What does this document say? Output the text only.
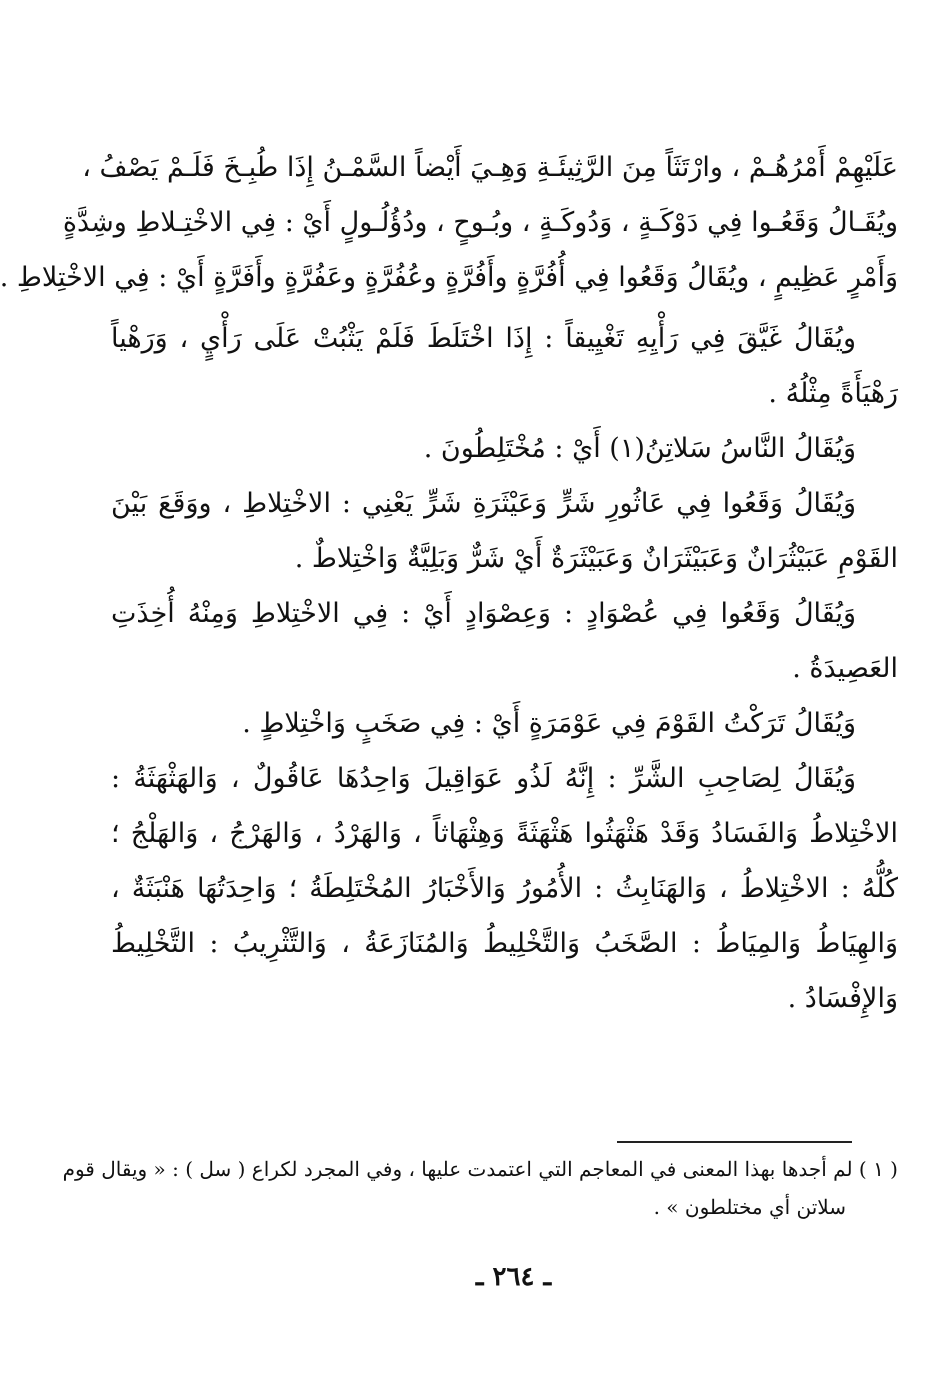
عَلَيْهِمْ أَمْرُهُـمْ ، وارْتَثَاً مِنَ الرَّثِيئَـةِ وَهِـيَ أَيْضاً السَّمْـنُ إِذَا طُبِـخَ فَلَـمْ يَصْفُ ،
ويُقَـالُ وَقَعُـوا فِي دَوْكَـةٍ ، وَدُوكَـةٍ ، وبُـوحٍ ، ودُؤُلُـولٍ أَيْ : فِي الاخْتِـلاطِ وشِدَّةٍ
وَأَمْرٍ عَظِيمٍ ، ويُقَالُ وَقَعُوا فِي أُفُرَّةٍ وأَفُرَّةٍ وعُفُرَّةٍ وعَفُرَّةٍ وأَفَرَّةٍ أَيْ : فِي الاخْتِلاطِ .
ويُقَالُ غَيَّقَ فِي رَأْيِهِ تَغْيِيقاً : إِذَا اخْتَلَطَ فَلَمْ يَثْبُتْ عَلَى رَأْيٍ ، وَرَهْياً
رَهْيَأَةً مِثْلُهُ .
وَيُقَالُ النَّاسُ سَلاتِنُ(١) أَيْ : مُخْتَلِطُونَ .
وَيُقَالُ وَقَعُوا فِي عَاثُورِ شَرٍّ وَعَيْثَرَةِ شَرٍّ يَعْنِي : الاخْتِلاطِ ، ووَقَعَ بَيْنَ
القَوْمِ عَبَيْثُرَانٌ وَعَبَيْثَرَانٌ وَعَبَيْثَرَةٌ أَيْ شَرٌّ وَبَلِيَّةٌ وَاخْتِلاطٌ .
وَيُقَالُ وَقَعُوا فِي عُصْوَادٍ : وَعِصْوَادٍ أَيْ : فِي الاخْتِلاطِ وَمِنْهُ أُخِذَتِ
العَصِيدَةُ .
وَيُقَالُ تَرَكْتُ القَوْمَ فِي عَوْمَرَةٍ أَيْ : فِي صَخَبٍ وَاخْتِلاطٍ .
وَيُقَالُ لِصَاحِبِ الشَّرِّ : إِنَّهُ لَذُو عَوَاقِيلَ وَاحِدُهَا عَاقُولٌ ، وَالهَثْهَثَةُ :
الاخْتِلاطُ وَالفَسَادُ وَقَدْ هَثْهَثُوا هَثْهَثَةً وَهِثْهَاثاً ، وَالهَرْدُ ، وَالهَرْجُ ، وَالهَلْجُ ؛
كُلُّهُ : الاخْتِلاطُ ، وَالهَنَابِثُ : الأُمُورُ وَالأَخْبَارُ المُخْتَلِطَةُ ؛ وَاحِدَتُهَا هَنْبَثَةٌ ،
وَالهِيَاطُ وَالمِيَاطُ : الصَّخَبُ وَالتَّخْلِيطُ وَالمُنَازَعَةُ ، وَالتَّثْرِيبُ : التَّخْلِيطُ
وَالإِفْسَادُ .
( ١ ) لم أجدها بهذا المعنى في المعاجم التي اعتمدت عليها ، وفي المجرد لكراع ( سل ) : « ويقال قوم
سلاتن أي مختلطون » .
ـ ٢٦٤ ـ
